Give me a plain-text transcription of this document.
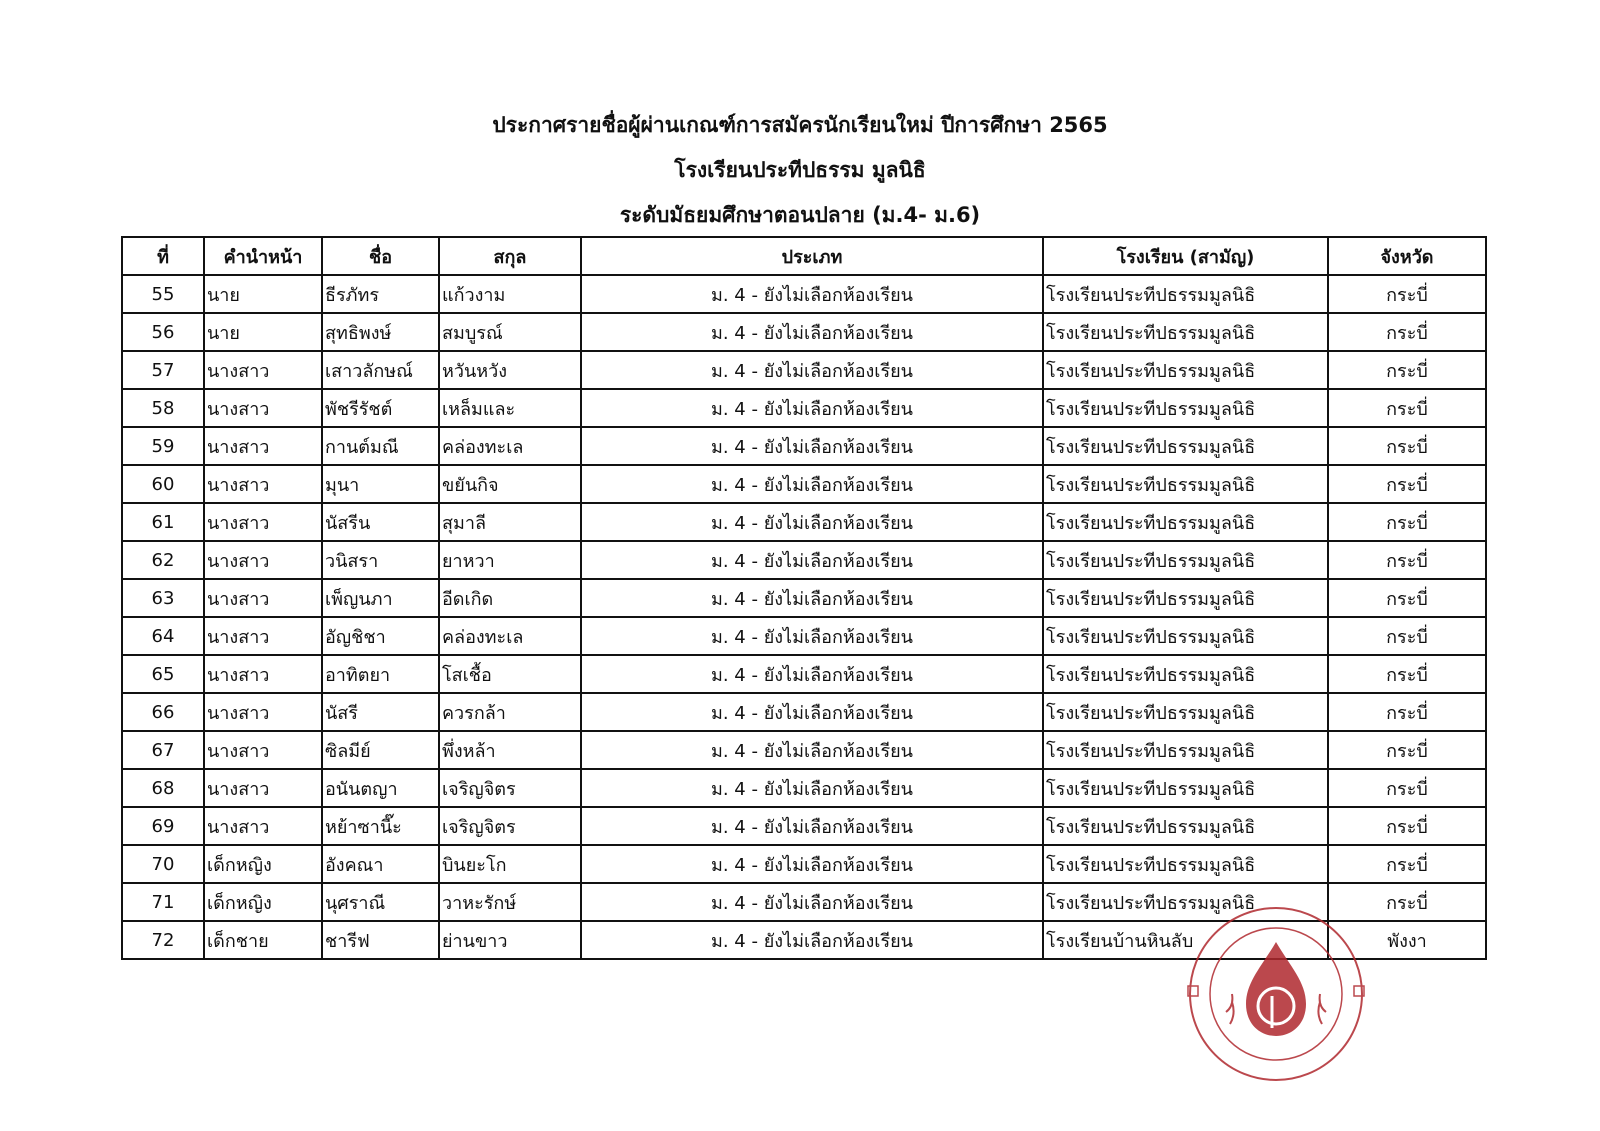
ประกาศรายชื่อผู้ผ่านเกณฑ์การสมัครนักเรียนใหม่ ปีการศึกษา 2565
โรงเรียนประทีปธรรม มูลนิธิ
ระดับมัธยมศึกษาตอนปลาย (ม.4- ม.6)
ที่	คำนำหน้า	ชื่อ	สกุล	ประเภท	โรงเรียน (สามัญ)	จังหวัด
55	นาย	ธีรภัทร	แก้วงาม	ม. 4 - ยังไม่เลือกห้องเรียน	โรงเรียนประทีปธรรมมูลนิธิ	กระบี่
56	นาย	สุทธิพงษ์	สมบูรณ์	ม. 4 - ยังไม่เลือกห้องเรียน	โรงเรียนประทีปธรรมมูลนิธิ	กระบี่
57	นางสาว	เสาวลักษณ์	หวันหวัง	ม. 4 - ยังไม่เลือกห้องเรียน	โรงเรียนประทีปธรรมมูลนิธิ	กระบี่
58	นางสาว	พัชรีรัชต์	เหล็มและ	ม. 4 - ยังไม่เลือกห้องเรียน	โรงเรียนประทีปธรรมมูลนิธิ	กระบี่
59	นางสาว	กานต์มณี	คล่องทะเล	ม. 4 - ยังไม่เลือกห้องเรียน	โรงเรียนประทีปธรรมมูลนิธิ	กระบี่
60	นางสาว	มุนา	ขยันกิจ	ม. 4 - ยังไม่เลือกห้องเรียน	โรงเรียนประทีปธรรมมูลนิธิ	กระบี่
61	นางสาว	นัสรีน	สุมาลี	ม. 4 - ยังไม่เลือกห้องเรียน	โรงเรียนประทีปธรรมมูลนิธิ	กระบี่
62	นางสาว	วนิสรา	ยาหวา	ม. 4 - ยังไม่เลือกห้องเรียน	โรงเรียนประทีปธรรมมูลนิธิ	กระบี่
63	นางสาว	เพ็ญนภา	อีดเกิด	ม. 4 - ยังไม่เลือกห้องเรียน	โรงเรียนประทีปธรรมมูลนิธิ	กระบี่
64	นางสาว	อัญชิชา	คล่องทะเล	ม. 4 - ยังไม่เลือกห้องเรียน	โรงเรียนประทีปธรรมมูลนิธิ	กระบี่
65	นางสาว	อาทิตยา	โสเชื้อ	ม. 4 - ยังไม่เลือกห้องเรียน	โรงเรียนประทีปธรรมมูลนิธิ	กระบี่
66	นางสาว	นัสรี	ควรกล้า	ม. 4 - ยังไม่เลือกห้องเรียน	โรงเรียนประทีปธรรมมูลนิธิ	กระบี่
67	นางสาว	ซิลมีย์	พึ่งหล้า	ม. 4 - ยังไม่เลือกห้องเรียน	โรงเรียนประทีปธรรมมูลนิธิ	กระบี่
68	นางสาว	อนันตญา	เจริญจิตร	ม. 4 - ยังไม่เลือกห้องเรียน	โรงเรียนประทีปธรรมมูลนิธิ	กระบี่
69	นางสาว	หย้าซานี๊ะ	เจริญจิตร	ม. 4 - ยังไม่เลือกห้องเรียน	โรงเรียนประทีปธรรมมูลนิธิ	กระบี่
70	เด็กหญิง	อังคณา	บินยะโก	ม. 4 - ยังไม่เลือกห้องเรียน	โรงเรียนประทีปธรรมมูลนิธิ	กระบี่
71	เด็กหญิง	นุศราณี	วาหะรักษ์	ม. 4 - ยังไม่เลือกห้องเรียน	โรงเรียนประทีปธรรมมูลนิธิ	กระบี่
72	เด็กชาย	ชารีฟ	ย่านขาว	ม. 4 - ยังไม่เลือกห้องเรียน	โรงเรียนบ้านหินลับ	พังงา
